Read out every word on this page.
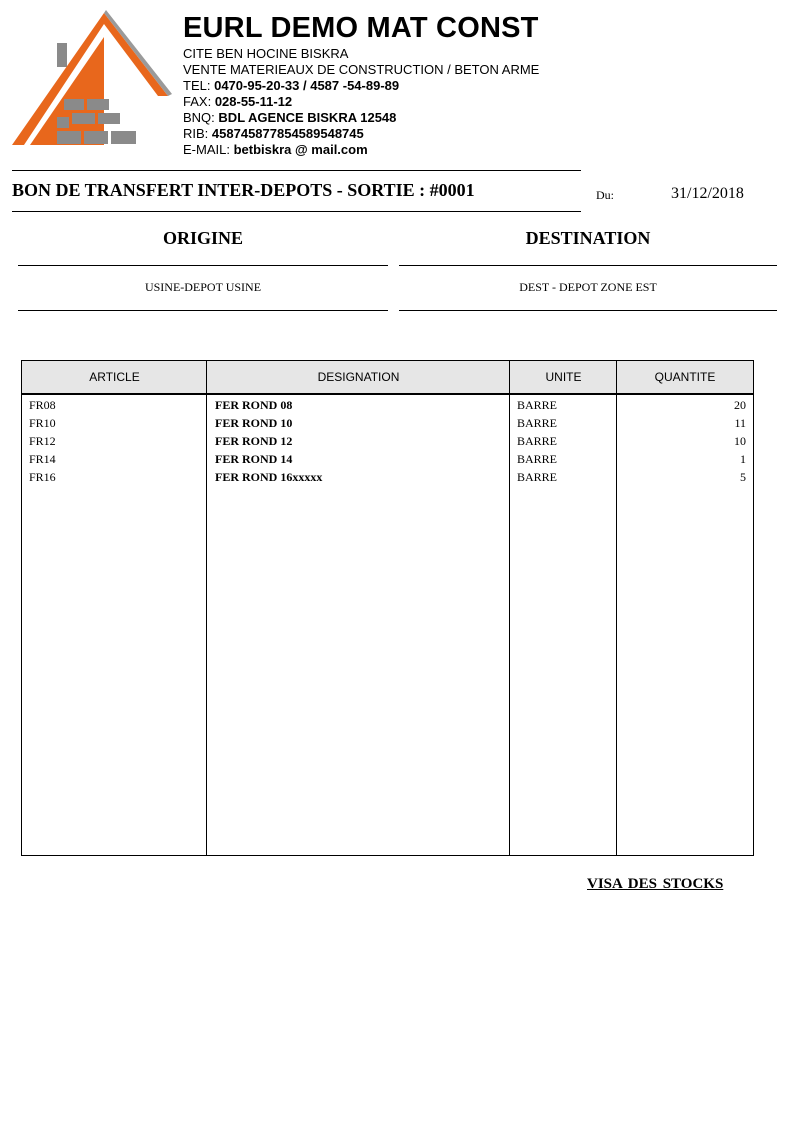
EURL DEMO MAT CONST
CITE BEN HOCINE BISKRA
VENTE MATERIEAUX DE CONSTRUCTION / BETON ARME
TEL: 0470-95-20-33 / 4587 -54-89-89
FAX: 028-55-11-12
BNQ: BDL AGENCE BISKRA 12548
RIB: 458745877854589548745
E-MAIL: betbiskra @ mail.com
BON DE TRANSFERT INTER-DEPOTS - SORTIE : #0001	Du:	31/12/2018
ORIGINE
USINE-DEPOT USINE
DESTINATION
DEST - DEPOT ZONE EST
ARTICLE	DESIGNATION	UNITE	QUANTITE
FR08	FER ROND 08	BARRE	20
FR10	FER ROND 10	BARRE	11
FR12	FER ROND 12	BARRE	10
FR14	FER ROND 14	BARRE	1
FR16	FER ROND 16xxxxx	BARRE	5
VISA DES STOCKS
